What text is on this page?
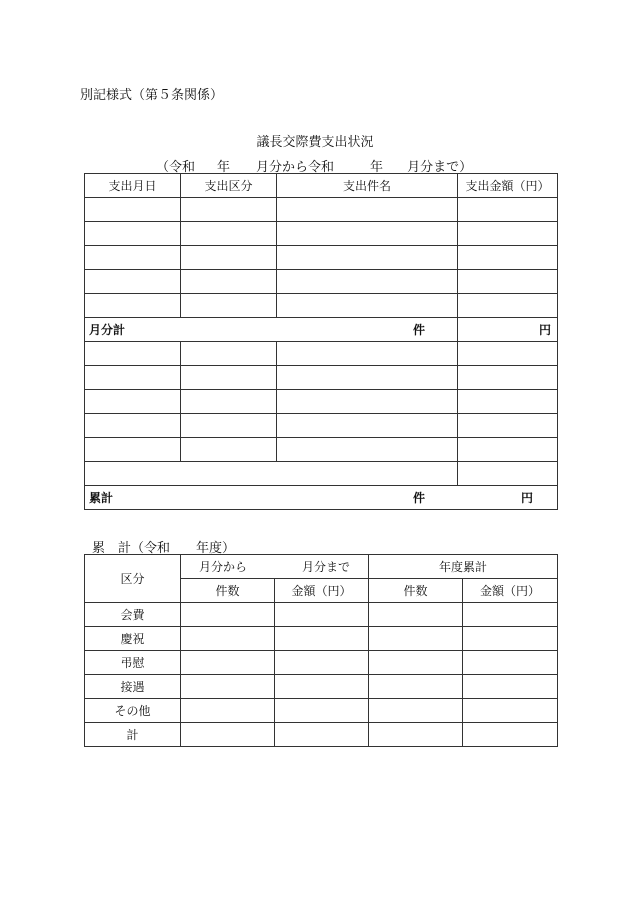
別記様式（第５条関係）
議長交際費支出状況
（令和 年 月分から令和	年 月分まで）
支出月日	支出区分	支出件名	支出金額（円）

月分計 件			円

累計 件 円			
累　計（令和　　年度）
区分	月分から 月分まで		年度累計	
	件数	金額（円）	件数	金額（円）
会費				
慶祝				
弔慰				
接遇				
その他				
計				
